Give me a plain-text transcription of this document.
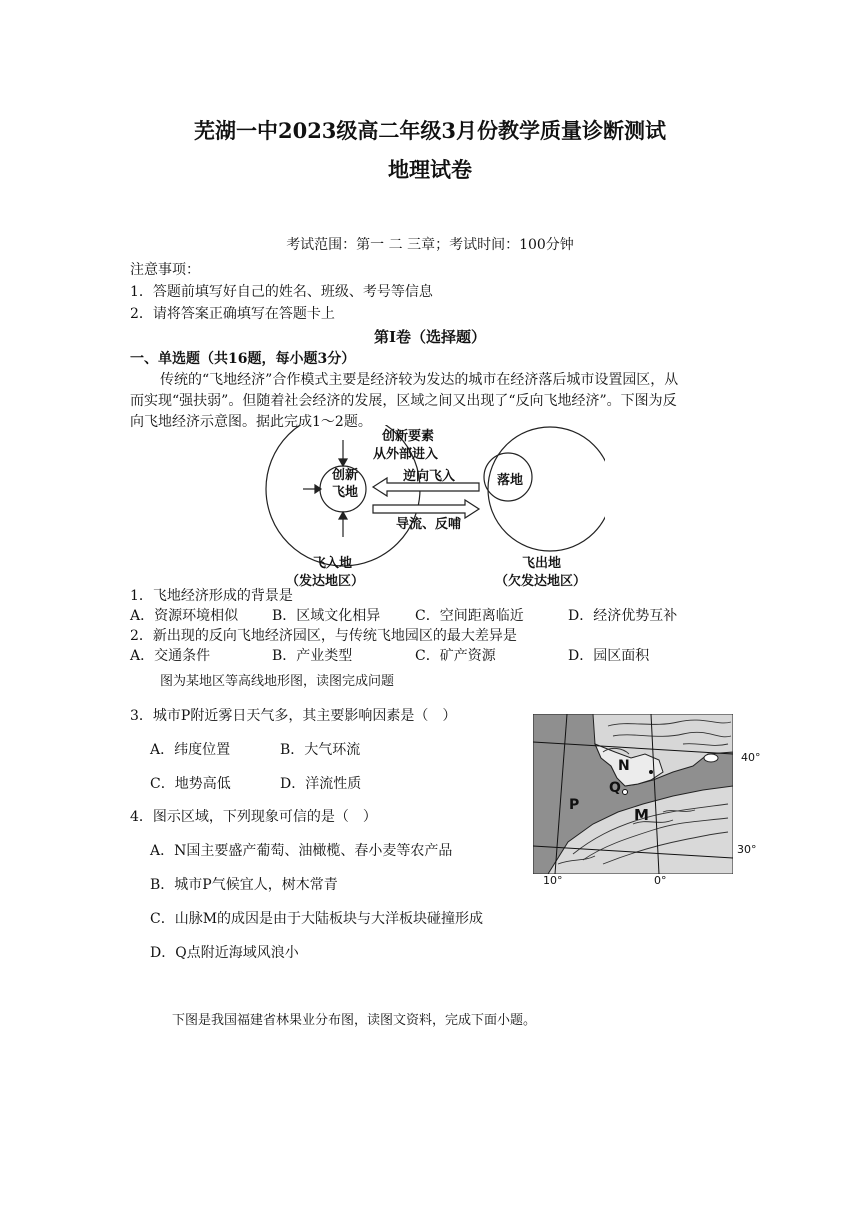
芜湖一中2023级高二年级3月份教学质量诊断测试
地理试卷
考试范围：第一 二 三章；考试时间：100分钟
注意事项：
1．答题前填写好自己的姓名、班级、考号等信息
2．请将答案正确填写在答题卡上
第I卷（选择题）
一、单选题（共16题，每小题3分）
传统的“飞地经济”合作模式主要是经济较为发达的城市在经济落后城市设置园区，从
而实现“强扶弱”。但随着社会经济的发展，区域之间又出现了“反向飞地经济”。下图为反
向飞地经济示意图。据此完成1～2题。
创新要素
从外部进入
创新
飞地
落地
逆向飞入
导流、反哺
飞入地
（发达地区）
飞出地
（欠发达地区）
1．飞地经济形成的背景是
A．资源环境相似 B．区域文化相异 C．空间距离临近	D．经济优势互补
2．新出现的反向飞地经济园区，与传统飞地园区的最大差异是
A．交通条件	B．产业类型	C．矿产资源	D．园区面积
图为某地区等高线地形图，读图完成问题
3．城市P附近雾日天气多，其主要影响因素是（　）
A．纬度位置	B．大气环流
C．地势高低	D．洋流性质
4．图示区域，下列现象可信的是（　）
A．N国主要盛产葡萄、油橄榄、春小麦等农产品
B．城市P气候宜人，树木常青
C．山脉M的成因是由于大陆板块与大洋板块碰撞形成
D．Q点附近海域风浪小
N
Q
P
M
40°
30°
10°	0°
下图是我国福建省林果业分布图，读图文资料，完成下面小题。
